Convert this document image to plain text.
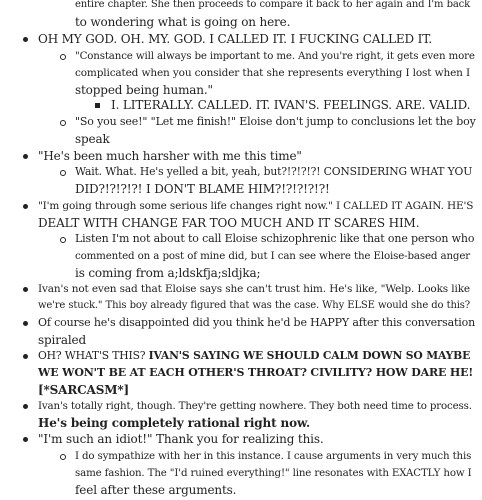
entire chapter. She then proceeds to compare it back to her again and I'm back
to wondering what is going on here.
OH MY GOD. OH. MY. GOD. I CALLED IT. I FUCKING CALLED IT.
"Constance will always be important to me. And you're right, it gets even more
complicated when you consider that she represents everything I lost when I
stopped being human."
I. LITERALLY. CALLED. IT. IVAN'S. FEELINGS. ARE. VALID.
"So you see!" "Let me finish!" Eloise don't jump to conclusions let the boy
speak
"He's been much harsher with me this time"
Wait. What. He's yelled a bit, yeah, but?!?!?!?! CONSIDERING WHAT YOU
DID?!?!?!?! I DON'T BLAME HIM?!?!?!?!?!
"I'm going through some serious life changes right now." I CALLED IT AGAIN. HE'S
DEALT WITH CHANGE FAR TOO MUCH AND IT SCARES HIM.
Listen I'm not about to call Eloise schizophrenic like that one person who
commented on a post of mine did, but I can see where the Eloise-based anger
is coming from a;ldskfja;sldjka;
Ivan's not even sad that Eloise says she can't trust him. He's like, "Welp. Looks like
we're stuck." This boy already figured that was the case. Why ELSE would she do this?
Of course he's disappointed did you think he'd be HAPPY after this conversation
spiraled
OH? WHAT'S THIS? IVAN'S SAYING WE SHOULD CALM DOWN SO MAYBE
WE WON'T BE AT EACH OTHER'S THROAT? CIVILITY? HOW DARE HE!
[*SARCASM*]
Ivan's totally right, though. They're getting nowhere. They both need time to process.
He's being completely rational right now.
"I'm such an idiot!" Thank you for realizing this.
I do sympathize with her in this instance. I cause arguments in very much this
same fashion. The "I'd ruined everything!" line resonates with EXACTLY how I
feel after these arguments.
